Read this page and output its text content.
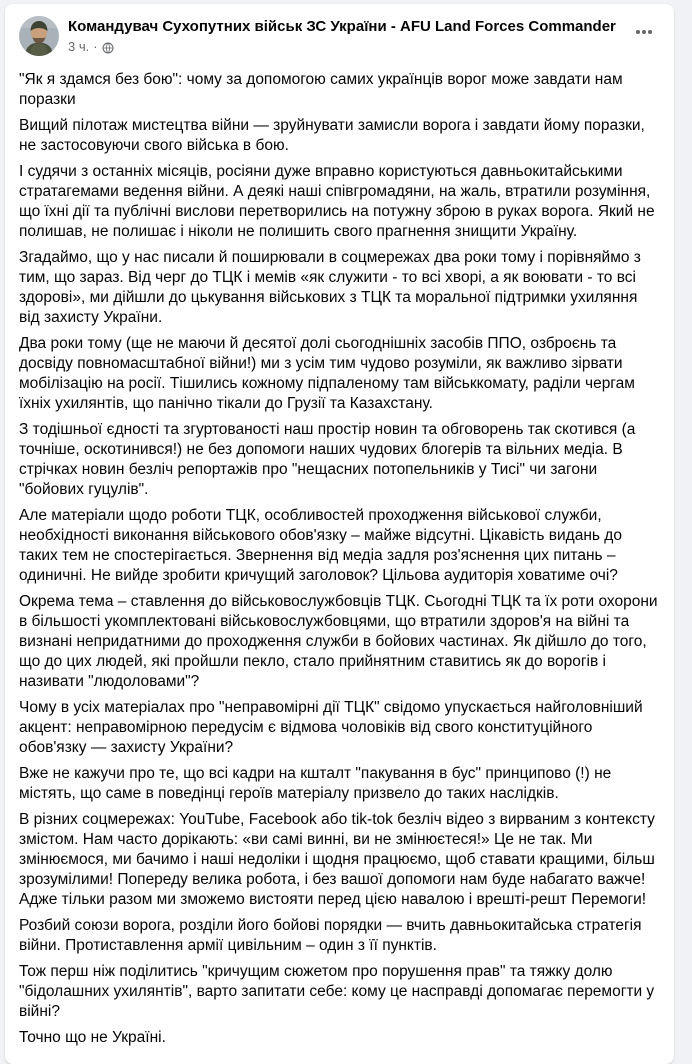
Командувач Сухопутних військ ЗС України - AFU Land Forces Commander
3 ч. ·

"Як я здамся без бою": чому за допомогою самих українців ворог може завдати нам поразки

Вищий пілотаж мистецтва війни — зруйнувати замисли ворога і завдати йому поразки, не застосовуючи свого війська в бою.

І судячи з останніх місяців, росіяни дуже вправно користуються давньокитайськими стратагемами ведення війни. А деякі наші співгромадяни, на жаль, втратили розуміння, що їхні дії та публічні вислови перетворились на потужну зброю в руках ворога. Який не полишав, не полишає і ніколи не полишить свого прагнення знищити Україну.

Згадаймо, що у нас писали й поширювали в соцмережах два роки тому і порівняймо з тим, що зараз. Від черг до ТЦК і мемів «як служити - то всі хворі, а як воювати - то всі здорові», ми дійшли до цькування військових з ТЦК та моральної підтримки ухиляння від захисту України.

Два роки тому (ще не маючи й десятої долі сьогоднішніх засобів ППО, озброєнь та досвіду повномасштабної війни!) ми з усім тим чудово розуміли, як важливо зірвати мобілізацію на росії. Тішились кожному підпаленому там військкомату, раділи чергам їхніх ухилянтів, що панічно тікали до Грузії та Казахстану.

З тодішньої єдності та згуртованості наш простір новин та обговорень так скотився (а точніше, оскотинився!) не без допомоги наших чудових блогерів та вільних медіа. В стрічках новин безліч репортажів про "нещасних потопельників у Тисі" чи загони "бойових гуцулів".

Але матеріали щодо роботи ТЦК, особливостей проходження військової служби, необхідності виконання військового обов'язку – майже відсутні. Цікавість видань до таких тем не спостерігається. Звернення від медіа задля роз'яснення цих питань – одиничні. Не вийде зробити кричущий заголовок? Цільова аудиторія ховатиме очі?

Окрема тема – ставлення до військовослужбовців ТЦК. Сьогодні ТЦК та їх роти охорони в більшості укомплектовані військовослужбовцями, що втратили здоров'я на війні та визнані непридатними до проходження служби в бойових частинах. Як дійшло до того, що до цих людей, які пройшли пекло, стало прийнятним ставитись як до ворогів і називати "людоловами"?

Чому в усіх матеріалах про "неправомірні дії ТЦК" свідомо упускається найголовніший акцент: неправомірною передусім є відмова чоловіків від свого конституційного обов'язку — захисту України?

Вже не кажучи про те, що всі кадри на кшталт "пакування в бус" принципово (!) не містять, що саме в поведінці героїв матеріалу призвело до таких наслідків.

В різних соцмережах: YouTube, Facebook або tik-tok безліч відео з вирваним з контексту змістом. Нам часто дорікають: «ви самі винні, ви не змінюєтеся!» Це не так. Ми змінюємося, ми бачимо і наші недоліки і щодня працюємо, щоб ставати кращими, більш зрозумілими! Попереду велика робота, і без вашої допомоги нам буде набагато важче! Адже тільки разом ми зможемо вистояти перед цією навалою і врешті-решт Перемоги!

Розбий союзи ворога, розділи його бойові порядки — вчить давньокитайська стратегія війни. Протиставлення армії цивільним – один з її пунктів.

Тож перш ніж поділитись "кричущим сюжетом про порушення прав" та тяжку долю "бідолашних ухилянтів", варто запитати себе: кому це насправді допомагає перемогти у війні?

Точно що не Україні.
